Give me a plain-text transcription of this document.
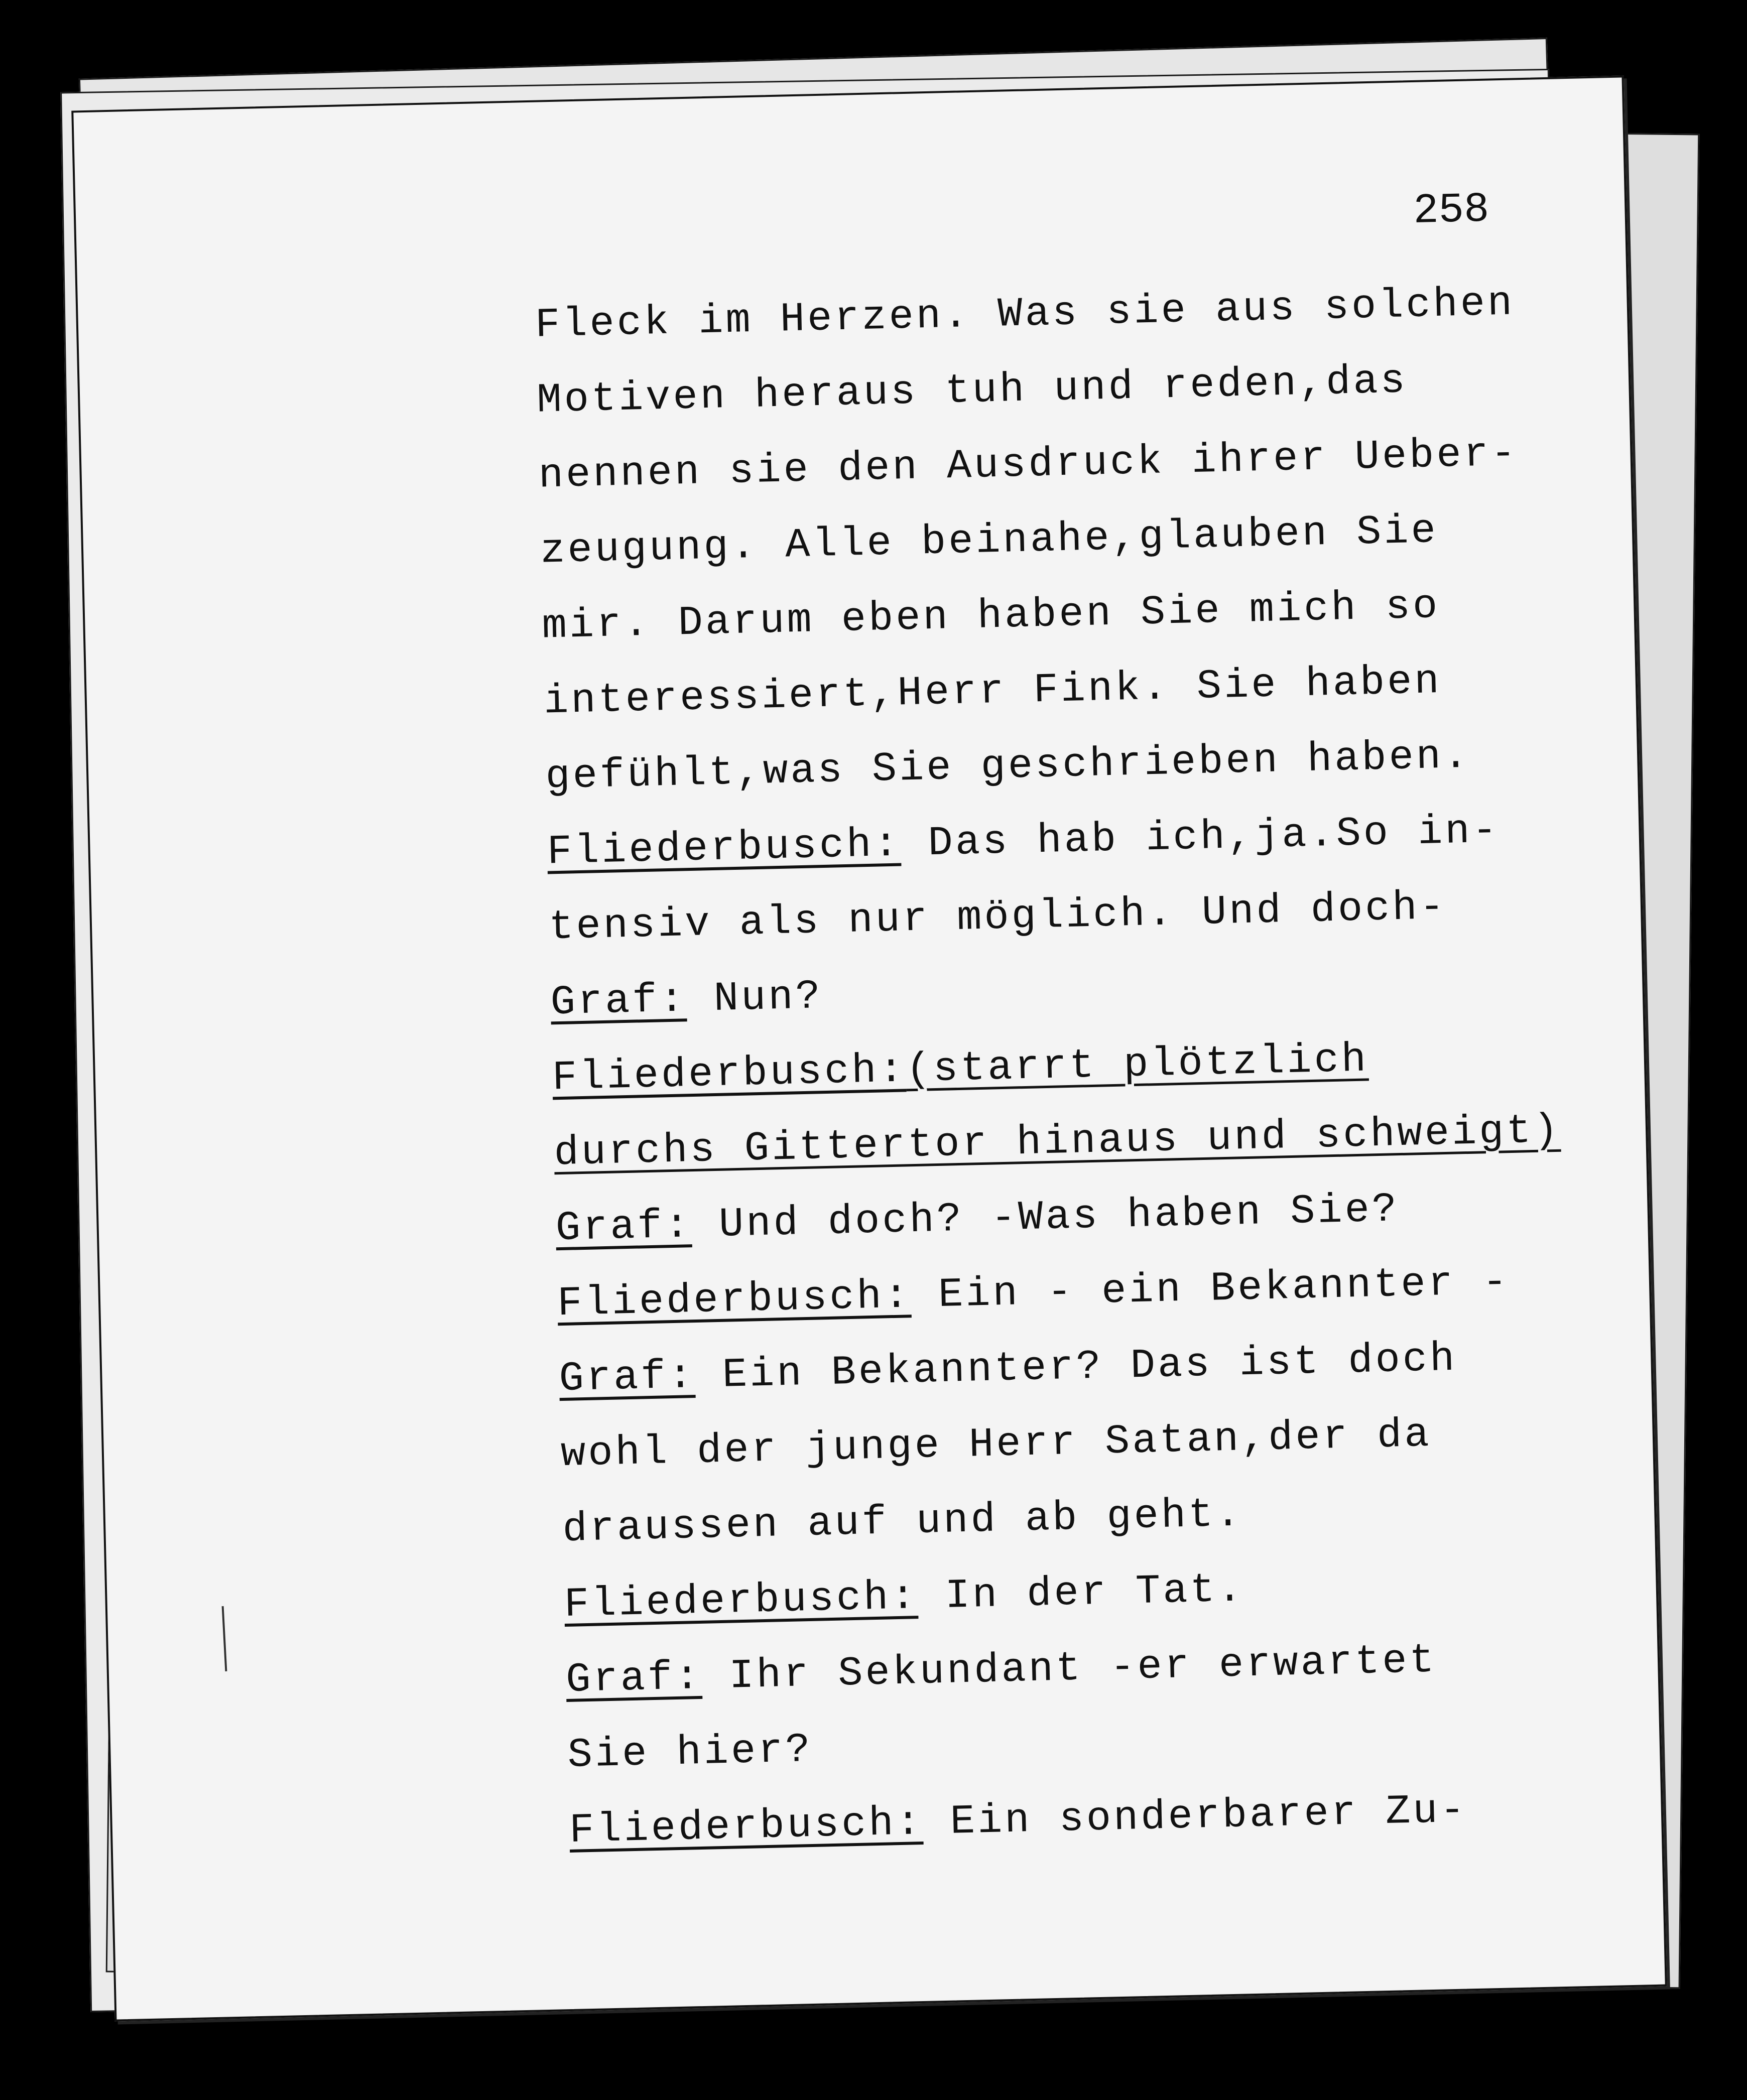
258
Fleck im Herzen. Was sie aus solchen
Motiven heraus tuh und reden,das
nennen sie den Ausdruck ihrer Ueber-
zeugung. Alle beinahe,glauben Sie
mir. Darum eben haben Sie mich so
interessiert,Herr Fink. Sie haben
gefühlt,was Sie geschrieben haben.
Fliederbusch: Das hab ich,ja.So in-
tensiv als nur möglich. Und doch-
Graf: Nun?
Fliederbusch:(starrt plötzlich
durchs Gittertor hinaus und schweigt)
Graf: Und doch? -Was haben Sie?
Fliederbusch: Ein - ein Bekannter -
Graf: Ein Bekannter? Das ist doch
wohl der junge Herr Satan,der da
draussen auf und ab geht.
Fliederbusch: In der Tat.
Graf: Ihr Sekundant -er erwartet
Sie hier?
Fliederbusch: Ein sonderbarer Zu-
